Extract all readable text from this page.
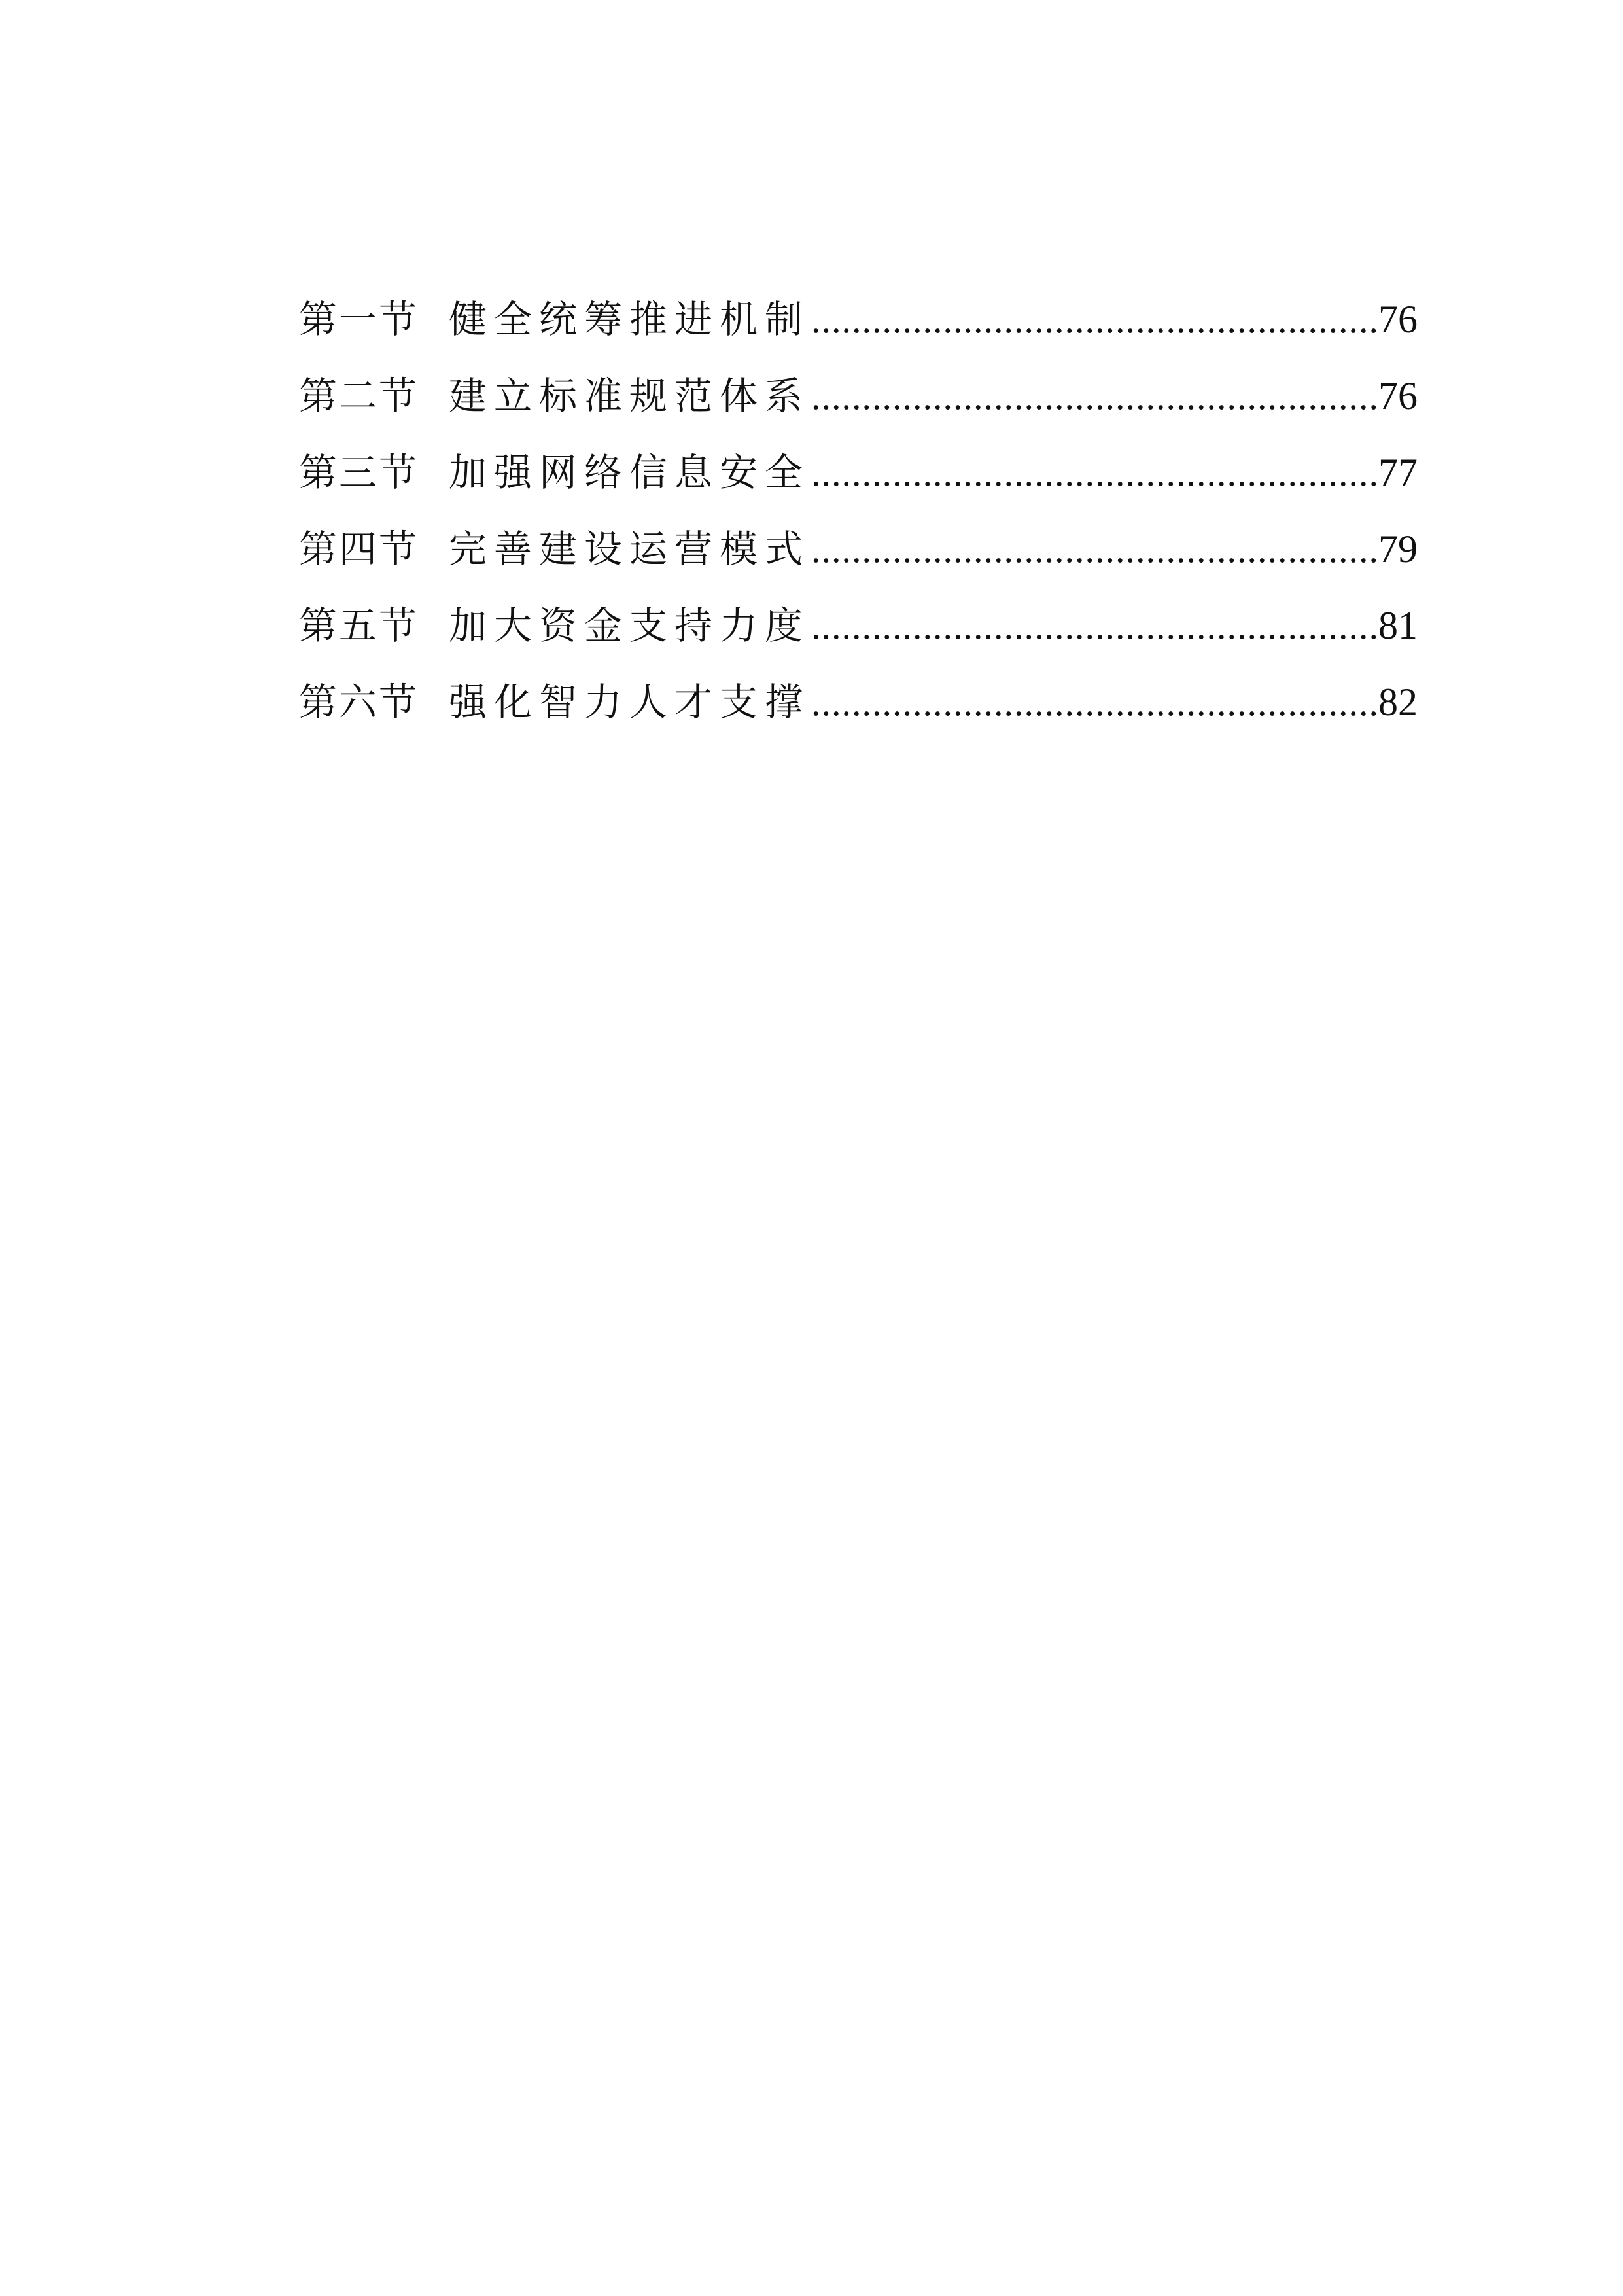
第一节 健全统筹推进机制 .....	76
第二节 建立标准规范体系 .....	76
第三节 加强网络信息安全 .....	77
第四节 完善建设运营模式 .....	79
第五节 加大资金支持力度 .....	81
第六节 强化智力人才支撑 .....	82
